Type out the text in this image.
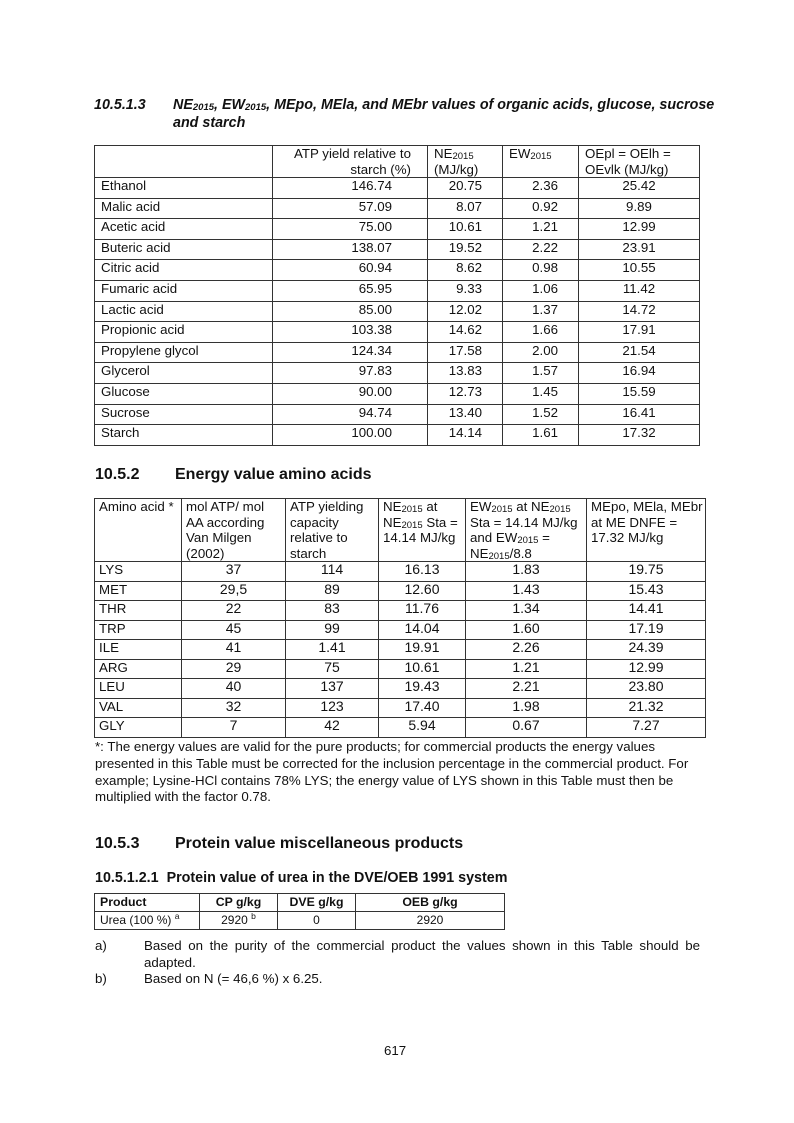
10.5.1.3 $NE_{2015}$, $EW_{2015}$, MEpo, MEla, and MEbr values of organic acids, glucose, sucrose and starch
	ATP yield relative to starch (%)	$NE_{2015}$ (MJ/kg)	$EW_{2015}$	OEpl = OElh = OEvlk (MJ/kg)
Ethanol	146.74	20.75	2.36	25.42
Malic acid	57.09	8.07	0.92	9.89
Acetic acid	75.00	10.61	1.21	12.99
Buteric acid	138.07	19.52	2.22	23.91
Citric acid	60.94	8.62	0.98	10.55
Fumaric acid	65.95	9.33	1.06	11.42
Lactic acid	85.00	12.02	1.37	14.72
Propionic acid	103.38	14.62	1.66	17.91
Propylene glycol	124.34	17.58	2.00	21.54
Glycerol	97.83	13.83	1.57	16.94
Glucose	90.00	12.73	1.45	15.59
Sucrose	94.74	13.40	1.52	16.41
Starch	100.00	14.14	1.61	17.32
10.5.2 Energy value amino acids
Amino acid *	mol ATP/ mol AA according Van Milgen (2002)	ATP yielding capacity relative to starch	$NE_{2015}$ at $NE_{2015}$ Sta = 14.14 MJ/kg	$EW_{2015}$ at $NE_{2015}$ Sta = 14.14 MJ/kg and $EW_{2015} = NE_{2015}/8.8$	MEpo, MEla, MEbr at ME DNFE = 17.32 MJ/kg
LYS	37	114	16.13	1.83	19.75
MET	29,5	89	12.60	1.43	15.43
THR	22	83	11.76	1.34	14.41
TRP	45	99	14.04	1.60	17.19
ILE	41	1.41	19.91	2.26	24.39
ARG	29	75	10.61	1.21	12.99
LEU	40	137	19.43	2.21	23.80
VAL	32	123	17.40	1.98	21.32
GLY	7	42	5.94	0.67	7.27
*: The energy values are valid for the pure products; for commercial products the energy values presented in this Table must be corrected for the inclusion percentage in the commercial product. For example; Lysine-HCl contains 78% LYS; the energy value of LYS shown in this Table must then be multiplied with the factor 0.78.
10.5.3 Protein value miscellaneous products
10.5.1.2.1 Protein value of urea in the DVE/OEB 1991 system
Product	CP g/kg	DVE g/kg	OEB g/kg
Urea (100 %) $^a$	2920 $^b$	0	2920
a)	Based on the purity of the commercial product the values shown in this Table should be adapted.
b)	Based on N (= 46,6 %) x 6.25.
617
